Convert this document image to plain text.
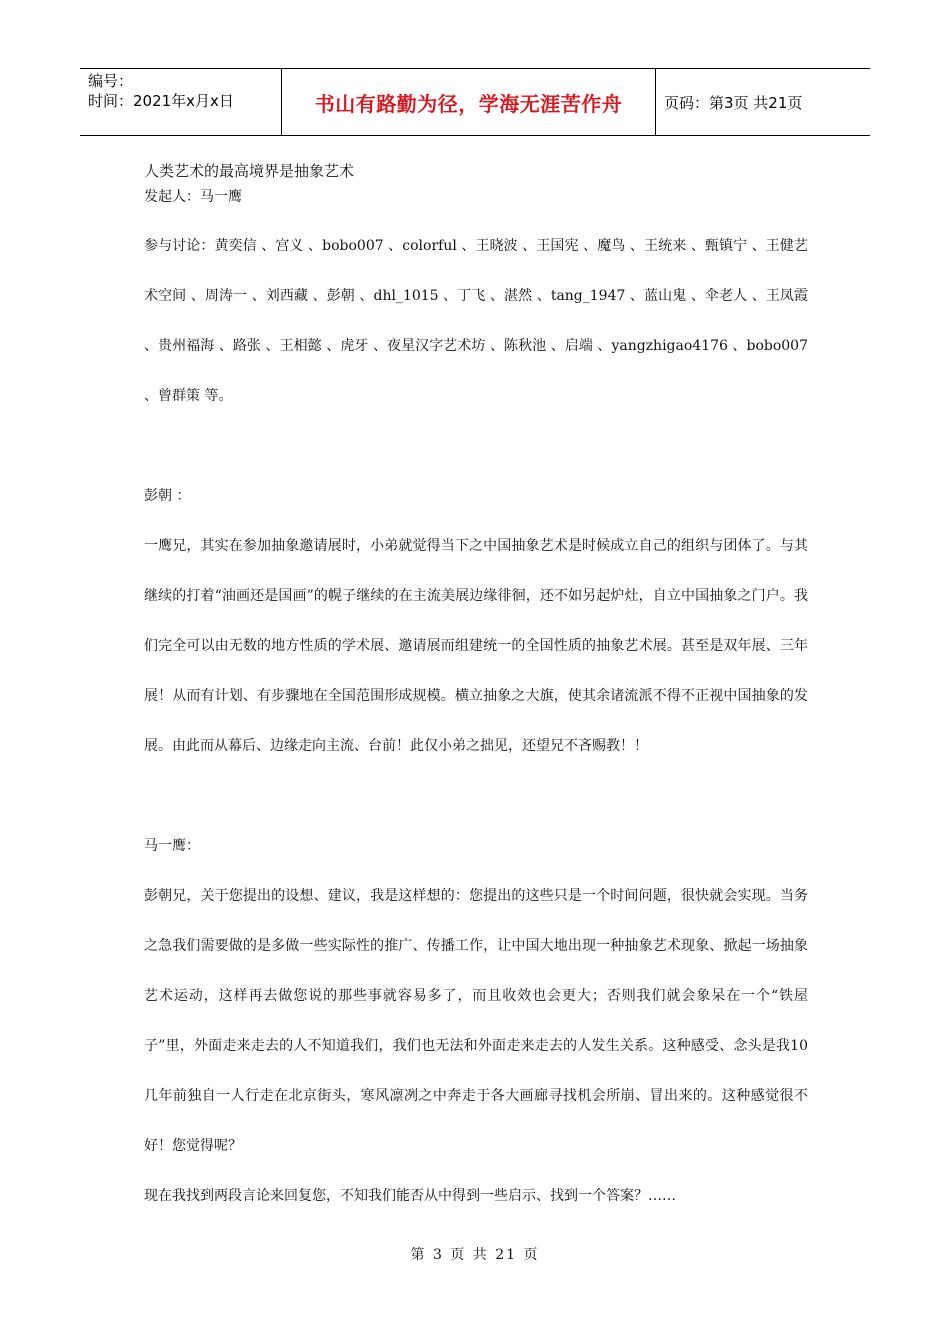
编号：
时间：2021年x月x日	书山有路勤为径，学海无涯苦作舟	页码：第3页 共21页

人类艺术的最高境界是抽象艺术

发起人：马一鹰

参与讨论：黄奕信 、宫义 、bobo007 、colorful 、王晓波 、王国宪 、魔鸟 、王统来 、甄镇宁 、王健艺术空间 、周涛一 、刘西藏 、彭朝 、dhl_1015 、丁飞 、湛然 、tang_1947 、蓝山鬼 、伞老人 、王凤霞 、贵州福海 、路张 、王相懿 、虎牙 、夜星汉字艺术坊 、陈秋池 、启端 、yangzhigao4176 、bobo007 、曾群策 等。

彭朝 ：

一鹰兄，其实在参加抽象邀请展时，小弟就觉得当下之中国抽象艺术是时候成立自己的组织与团体了。与其继续的打着“油画还是国画”的幌子继续的在主流美展边缘徘徊，还不如另起炉灶，自立中国抽象之门户。我们完全可以由无数的地方性质的学术展、邀请展而组建统一的全国性质的抽象艺术展。甚至是双年展、三年展！从而有计划、有步骤地在全国范围形成规模。横立抽象之大旗，使其余诸流派不得不正视中国抽象的发展。由此而从幕后、边缘走向主流、台前！此仅小弟之拙见，还望兄不吝赐教！！

马一鹰：

彭朝兄，关于您提出的设想、建议，我是这样想的：您提出的这些只是一个时间问题，很快就会实现。当务之急我们需要做的是多做一些实际性的推广、传播工作，让中国大地出现一种抽象艺术现象、掀起一场抽象艺术运动，这样再去做您说的那些事就容易多了，而且收效也会更大；否则我们就会象呆在一个“铁屋子”里，外面走来走去的人不知道我们，我们也无法和外面走来走去的人发生关系。这种感受、念头是我10几年前独自一人行走在北京街头，寒风凛冽之中奔走于各大画廊寻找机会所崩、冒出来的。这种感觉很不好！您觉得呢？

现在我找到两段言论来回复您，不知我们能否从中得到一些启示、找到一个答案？……

第 3 页 共 21 页
